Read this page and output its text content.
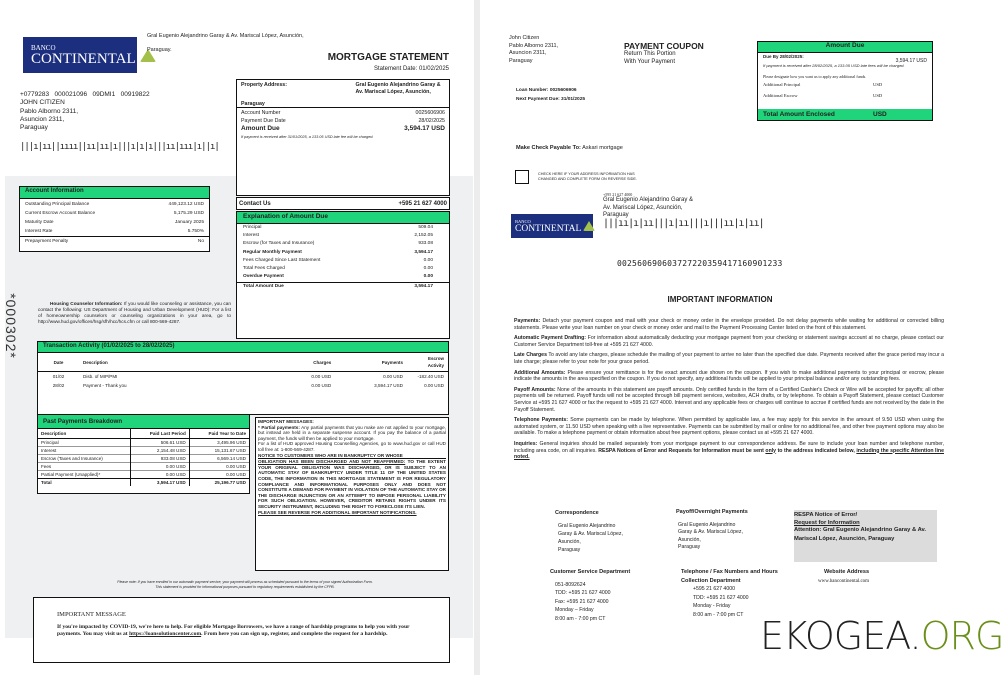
BANCO
CONTINENTAL
Gral Eugenio Alejandrino Garay & Av. Mariscal López, Asunción,
Paraguay.
MORTGAGE STATEMENT
Statement Date: 01/02/2025
+0779283   000021096   09DMI1   00919822
JOHN CITIZEN
Pablo Alborno 2311,
Asuncion 2311,
Paraguay
|||ı|ıı||ıııı||ıı|ıı|ı|||ı|ı|ı|||ıı|ııı|ı||ı|
Property Address:	Gral Eugenio Alejandrino Garay & Av. Mariscal López, Asunción,
Paraguay
Account Number	0025606906
Payment Due Date	28/02/2025
Amount Due	3,594.17 USD
If payment is received after 31/01/2025, a 133.05 USD late fee will be charged.
Contact Us	+595 21 627 4000
Explanation of Amount Due
Principal	509.04
Interest	2,152.05
Escrow (for Taxes and Insurance)	933.08
Regular Monthly Payment	3,594.17
Fees Charged Since Last Statement	0.00
Total Fees Charged	0.00
Overdue Payment	0.00
Total Amount Due	3,594.17
Account Information
Outstanding Principal Balance	449,123.12 USD
Current Escrow Account Balance	5,175.29 USD
Maturity Date	January 2025
Interest Rate	5.750%
Prepayment Penalty	No
Housing Counselor Information: If you would like counseling or assistance, you can contact the following: US Department of Housing and Urban Development (HUD): For a list of homeownership counselors or counseling organizations in your area, go to http://www.hud.gov/offices/hsg/sfh/hcc/hcs.cfm or call 800-569-4287.
*000302*	Transaction Activity (01/02/2025 to 28/02/2025)
Date	Description	Charges	Payments	Escrow Activity
01/02	Disb. of MIP/PMI	0.00 USD	0.00 USD	-182.40 USD
28/02	Payment - Thank you	0.00 USD	3,594.17 USD	0.00 USD
Past Payments Breakdown
Description	Paid Last Period	Paid Year to Date
Principal	506.61 USD	3,495.96 USD
Interest	2,154.48 USD	15,131.67 USD
Escrow (Taxes and Insurance)	933.08 USD	6,569.14 USD
Fees	0.00 USD	0.00 USD
Partial Payment (Unapplied)*	0.00 USD	0.00 USD
Total	3,594.17 USD	25,196.77 USD
IMPORTANT MESSAGES:
* Partial payments: Any partial payments that you make are not applied to your mortgage, but instead are held in a separate suspense account. If you pay the balance of a partial payment, the funds will then be applied to your mortgage.
For a list of HUD approved Housing Counselling Agencies, go to www.hud.gov or call HUD toll free at: 1-800-569-4287.
NOTICE TO CUSTOMERS WHO ARE IN BANKRUPTCY OR WHOSE
OBLIGATION HAS BEEN DISCHARGED AND NOT REAFFIRMED: TO THE EXTENT YOUR ORIGINAL OBLIGATION WAS DISCHARGED, OR IS SUBJECT TO AN AUTOMATIC STAY OF BANKRUPTCY UNDER TITLE 11 OF THE UNITED STATES CODE, THE INFORMATION IN THIS MORTGAGE STATEMENT IS FOR REGULATORY COMPLIANCE AND INFORMATIONAL PURPOSES ONLY AND DOES NOT CONSTITUTE A DEMAND FOR PAYMENT IN VIOLATION OF THE AUTOMATIC STAY OR THE DISCHARGE INJUNCTION OR AN ATTEMPT TO IMPOSE PERSONAL LIABILITY FOR SUCH OBLIGATION. HOWEVER, CREDITOR RETAINS RIGHTS UNDER ITS SECURITY INSTRUMENT, INCLUDING THE RIGHT TO FORECLOSE ITS LIEN.
PLEASE SEE REVERSE FOR ADDITIONAL IMPORTANT NOTIFICATIONS.
Please note: If you have enrolled in our automatic payment service, your payment will process as scheduled pursuant to the terms of your signed Authorization Form.
This statement is provided for informational purposes pursuant to regulatory requirements established by the CFPB.
IMPORTANT MESSAGE
If you're impacted by COVID-19, we're here to help. For eligible Mortgage Borrowers, we have a range of hardship programs to help you with your payments. You may visit us at https://loansolutioncenter.com. From here you can sign up, register, and complete the request for a hardship.
John Citizen
Pablo Alborno 2311,
Asuncion 2311,
Paraguay
PAYMENT COUPON
Return This Portion
With Your Payment
Loan Number: 0025606906
Next Payment Due: 31/01/2025
Amount Due
Due By 28/02/2025:
3,594.17 USD
If payment is received after 28/02/2025, a 133.05 USD late fees will be charged.
Please designate how you want us to apply any additional funds.
Additional Principal	USD
Additional Escrow	USD
Total Amount Enclosed	USD
Make Check Payable To: Askari mortgage
CHECK HERE IF YOUR ADDRESS INFORMATION HAS
CHANGED AND COMPLETE FORM ON REVERSE SIDE.
BANCO
CONTINENTAL
+595 21 627 4000
Gral Eugenio Alejandrino Garay &
Av. Mariscal López, Asunción,
Paraguay
|||ıı|ı|ıı|||ı|ıı|||ı|||ıı|ı|ıı|
002560690603727220359417160901233
IMPORTANT INFORMATION

Payments: Detach your payment coupon and mail with your check or money order in the envelope provided. Do not delay payments while waiting for additional or corrected billing statements. Please write your loan number on your check or money order and mail to the Payment Processing Center listed on the front of this statement.

Automatic Payment Drafting: For information about automatically deducting your mortgage payment from your checking or statement savings account at no charge, please contact our Customer Service Department toll-free at +595 21 627 4000.

Late Charges To avoid any late charges, please schedule the mailing of your payment to arrive no later than the specified due date. Payments received after the grace period may incur a late charge; please refer to your note for your grace period.

Additional Amounts: Please ensure your remittance is for the exact amount due shown on the coupon. If you wish to make additional payments to your principal or escrow, please indicate the amounts in the area specified on the coupon. If you do not specify, any additional funds will be applied to your principal balance and/or any outstanding fees.

Payoff Amounts: None of the amounts in this statement are payoff amounts. Only certified funds in the form of a Certified Cashier's Check or Wire will be accepted for payoffs; all other payments will be returned. Payoff funds will not be accepted through bill payment services, websites, ACH drafts, or by telephone. To obtain a Payoff Statement, please contact Customer Service at +595 21 627 4000 or fax the request to +595 21 627 4000. Interest and any applicable fees or charges will continue to accrue if certified funds are not received by the date in the Payoff Statement.

Telephone Payments: Some payments can be made by telephone. When permitted by applicable law, a fee may apply for this service in the amount of 9.50 USD when using the automated system, or 11.50 USD when speaking with a live representative. Payments can be submitted by mail or online for no additional fee, and other free payment options may also be available. To make a telephone payment or obtain information about free payment options, please contact us at +595 21 627 4000.

Inquiries: General inquiries should be mailed separately from your mortgage payment to our correspondence address. Be sure to include your loan number and telephone number, including area code, on all inquiries. RESPA Notices of Error and Requests for Information must be sent only to the address indicated below, including the specific Attention line noted.

Correspondence
Gral Eugenio Alejandrino
Garay & Av. Mariscal López,
Asunción,
Paraguay
Payoff/Overnight Payments
Gral Eugenio Alejandrino
Garay & Av. Mariscal López,
Asunción,
Paraguay
RESPA Notice of Error/
Request for Information
Attention: Gral Eugenio Alejandrino Garay & Av. Mariscal López, Asunción, Paraguay
Customer Service Department
051-8092624
TDD: +595 21 627 4000
Fax: +595 21 627 4000
Monday – Friday
8:00 am - 7:00 pm CT
Telephone / Fax Numbers and Hours
Collection Department
+595 21 627 4000
TDD: +595 21 627 4000
Monday - Friday
8:00 am - 7:00 pm CT
Website Address
www.bancontinental.com
EKOGEA.ORG
